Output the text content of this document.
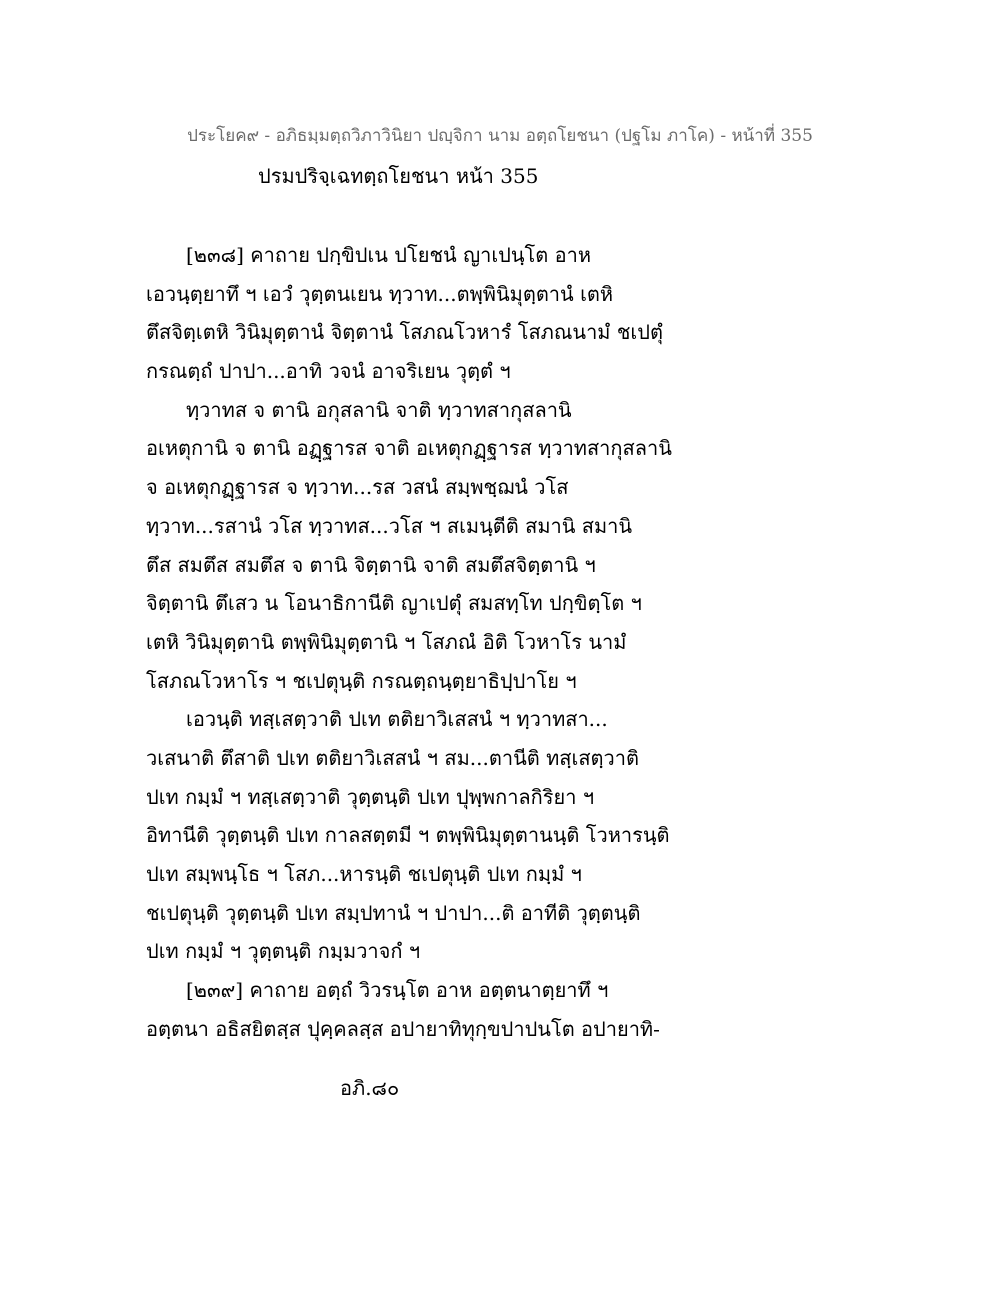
ประโยค๙ - อภิธมฺมตฺถวิภาวินิยา ปญฺจิกา นาม อตฺถโยชนา (ปฐโม ภาโค) - หน้าที่ 355
ปรมปริจฺเฉทตฺถโยชนา หน้า 355
[๒๓๘] คาถาย ปกฺขิปเน ปโยชนํ ญาเปนฺโต อาห
เอวนฺตฺยาทึ ฯ เอวํ วุตฺตนเยน ทฺวาท...ตพฺพินิมุตฺตานํ เตหิ
ตึสจิตฺเตหิ วินิมุตฺตานํ จิตฺตานํ โสภณโวหารํ โสภณนามํ ชเปตุํ
กรณตฺถํ ปาปา...อาทิ วจนํ อาจริเยน วุตฺตํ ฯ
ทฺวาทส จ ตานิ อกุสลานิ จาติ ทฺวาทสากุสลานิ
อเหตุกานิ จ ตานิ อฏฺฐารส จาติ อเหตุกฏฺฐารส ทฺวาทสากุสลานิ
จ อเหตุกฏฺฐารส จ ทฺวาท...รส วสนํ สมฺพชฺฌนํ วโส
ทฺวาท...รสานํ วโส ทฺวาทส...วโส ฯ สเมนฺตีติ สมานิ สมานิ
ตึส สมตึส สมตึส จ ตานิ จิตฺตานิ จาติ สมตึสจิตฺตานิ ฯ
จิตฺตานิ ตึเสว น โอนาธิกานีติ ญาเปตุํ สมสทฺโท ปกฺขิตฺโต ฯ
เตหิ วินิมุตฺตานิ ตพฺพินิมุตฺตานิ ฯ โสภณํ อิติ โวหาโร นามํ
โสภณโวหาโร ฯ ชเปตุนฺติ กรณตฺถนฺตฺยาธิปฺปาโย ฯ
เอวนฺติ ทสฺเสตฺวาติ ปเท ตติยาวิเสสนํ ฯ ทฺวาทสา...
วเสนาติ ตึสาติ ปเท ตติยาวิเสสนํ ฯ สม...ตานีติ ทสฺเสตฺวาติ
ปเท กมฺมํ ฯ ทสฺเสตฺวาติ วุตฺตนฺติ ปเท ปุพฺพกาลกิริยา ฯ
อิทานีติ วุตฺตนฺติ ปเท กาลสตฺตมี ฯ ตพฺพินิมุตฺตานนฺติ โวหารนฺติ
ปเท สมฺพนฺโธ ฯ โสภ...หารนฺติ ชเปตุนฺติ ปเท กมฺมํ ฯ
ชเปตุนฺติ วุตฺตนฺติ ปเท สมฺปทานํ ฯ ปาปา...ติ อาทีติ วุตฺตนฺติ
ปเท กมฺมํ ฯ วุตฺตนฺติ กมฺมวาจกํ ฯ
[๒๓๙] คาถาย อตฺถํ วิวรนฺโต อาห อตฺตนาตฺยาทึ ฯ
อตฺตนา อธิสยิตสฺส ปุคฺคลสฺส อปายาทิทุกฺขปาปนโต อปายาทิ-
อภิ.๘๐
